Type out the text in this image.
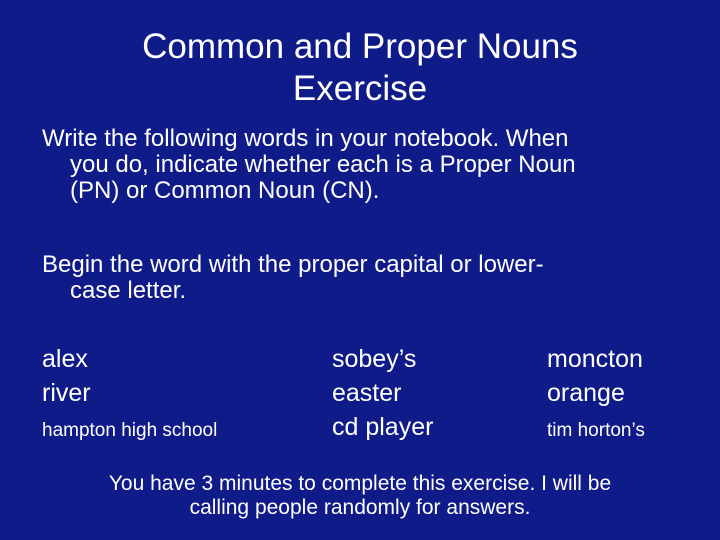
Common and Proper Nouns
Exercise
Write the following words in your notebook. When
you do, indicate whether each is a Proper Noun
(PN) or Common Noun (CN).
Begin the word with the proper capital or lower-
case letter.
alex
river
hampton high school
sobey’s
easter
cd player
moncton
orange
tim horton’s
You have 3 minutes to complete this exercise. I will be
calling people randomly for answers.
